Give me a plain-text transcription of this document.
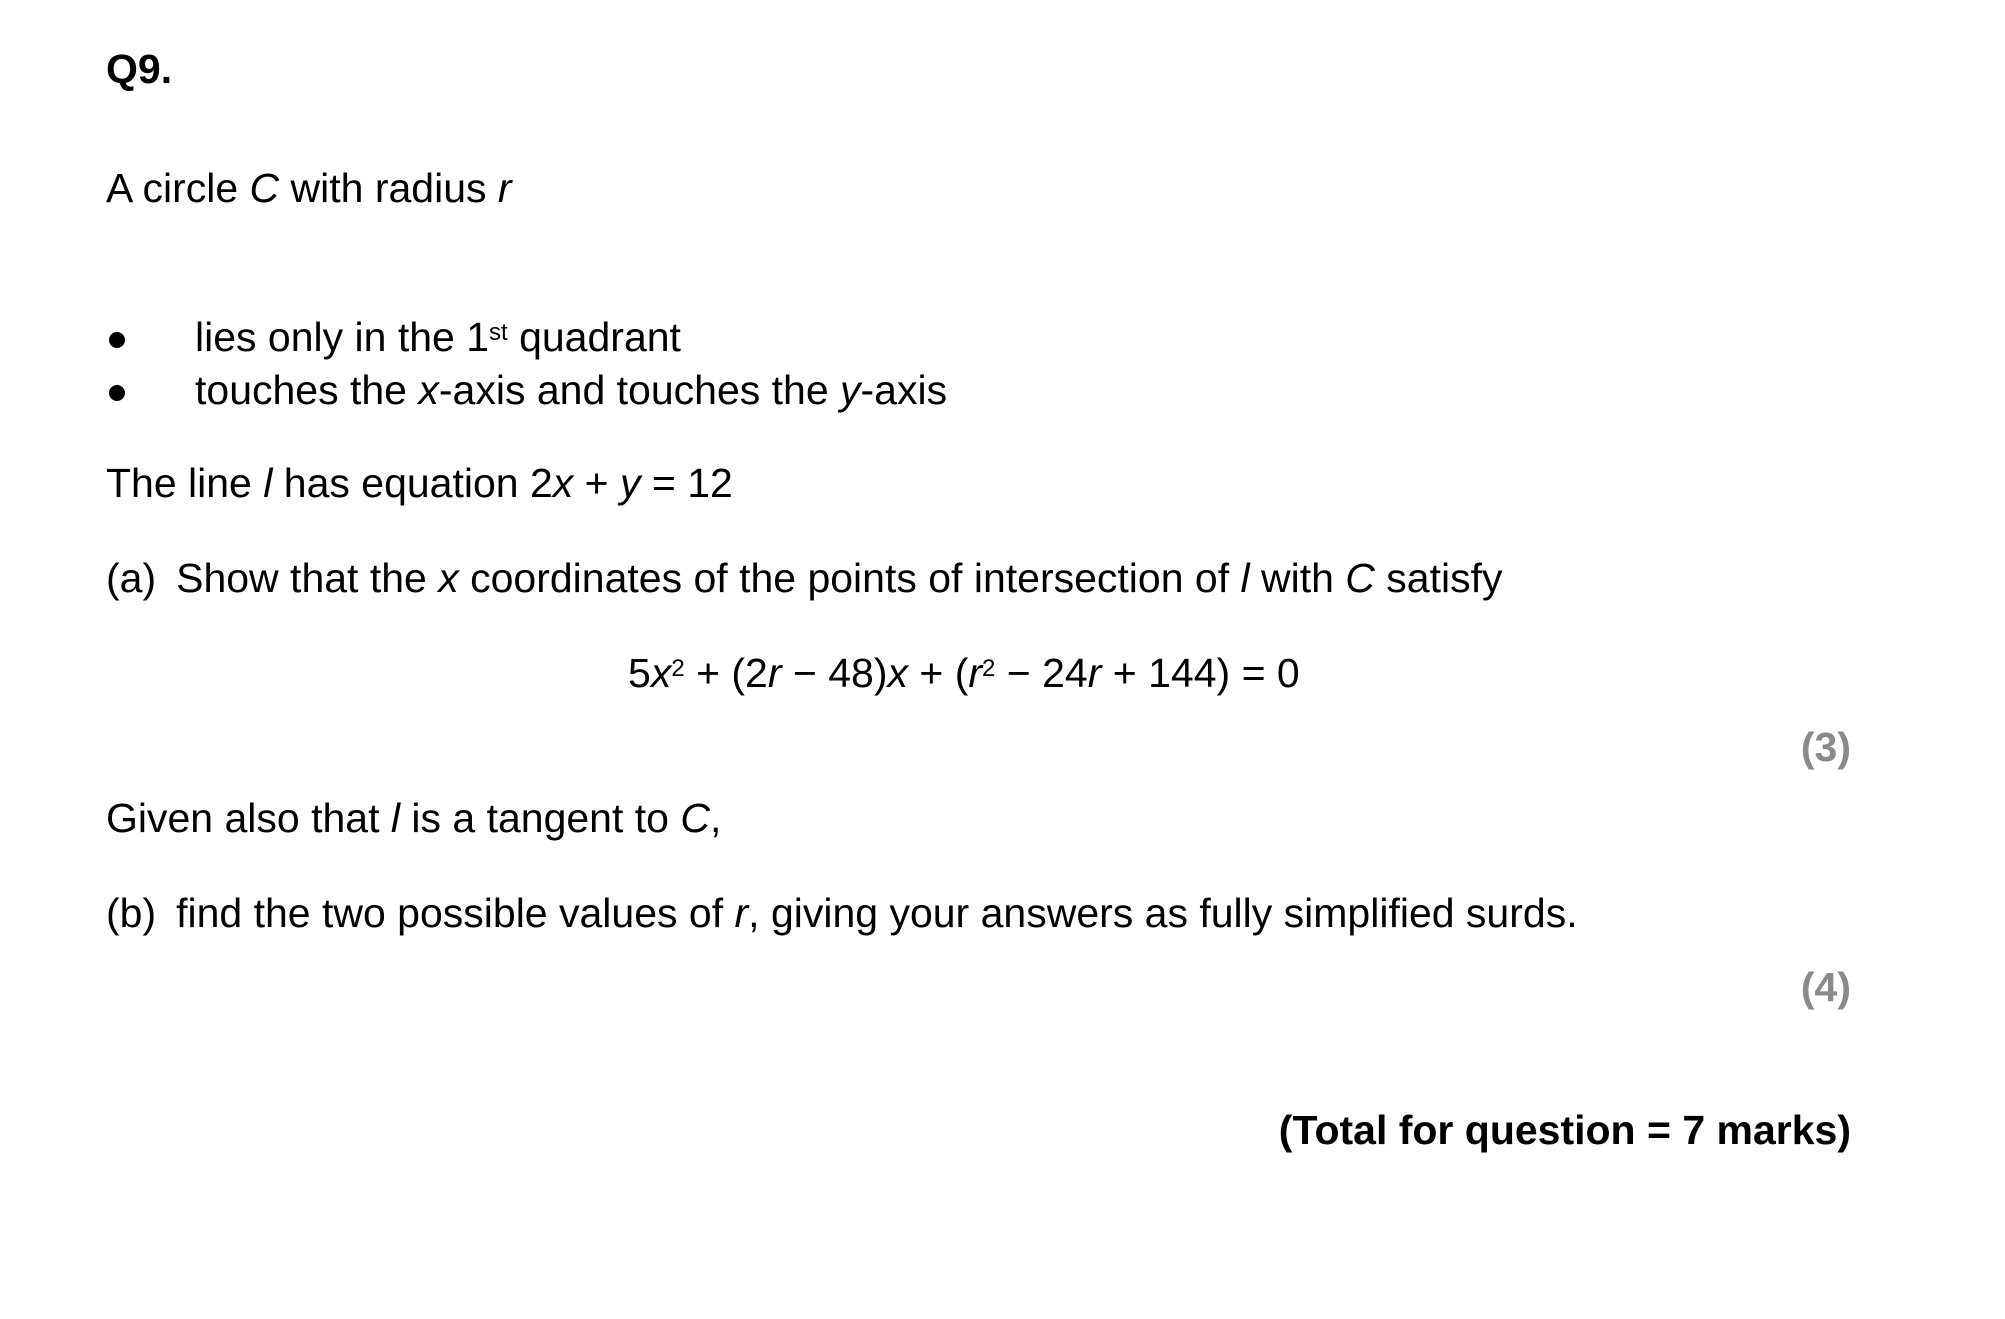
Q9.
A circle C with radius r
lies only in the 1st quadrant
touches the x-axis and touches the y-axis
The line l has equation 2x + y = 12
(a) Show that the x coordinates of the points of intersection of l with C satisfy
$5x^2 + (2r - 48)x + (r^2 - 24r + 144) = 0$
(3)
Given also that l is a tangent to C,
(b) find the two possible values of r, giving your answers as fully simplified surds.
(4)
(Total for question = 7 marks)
